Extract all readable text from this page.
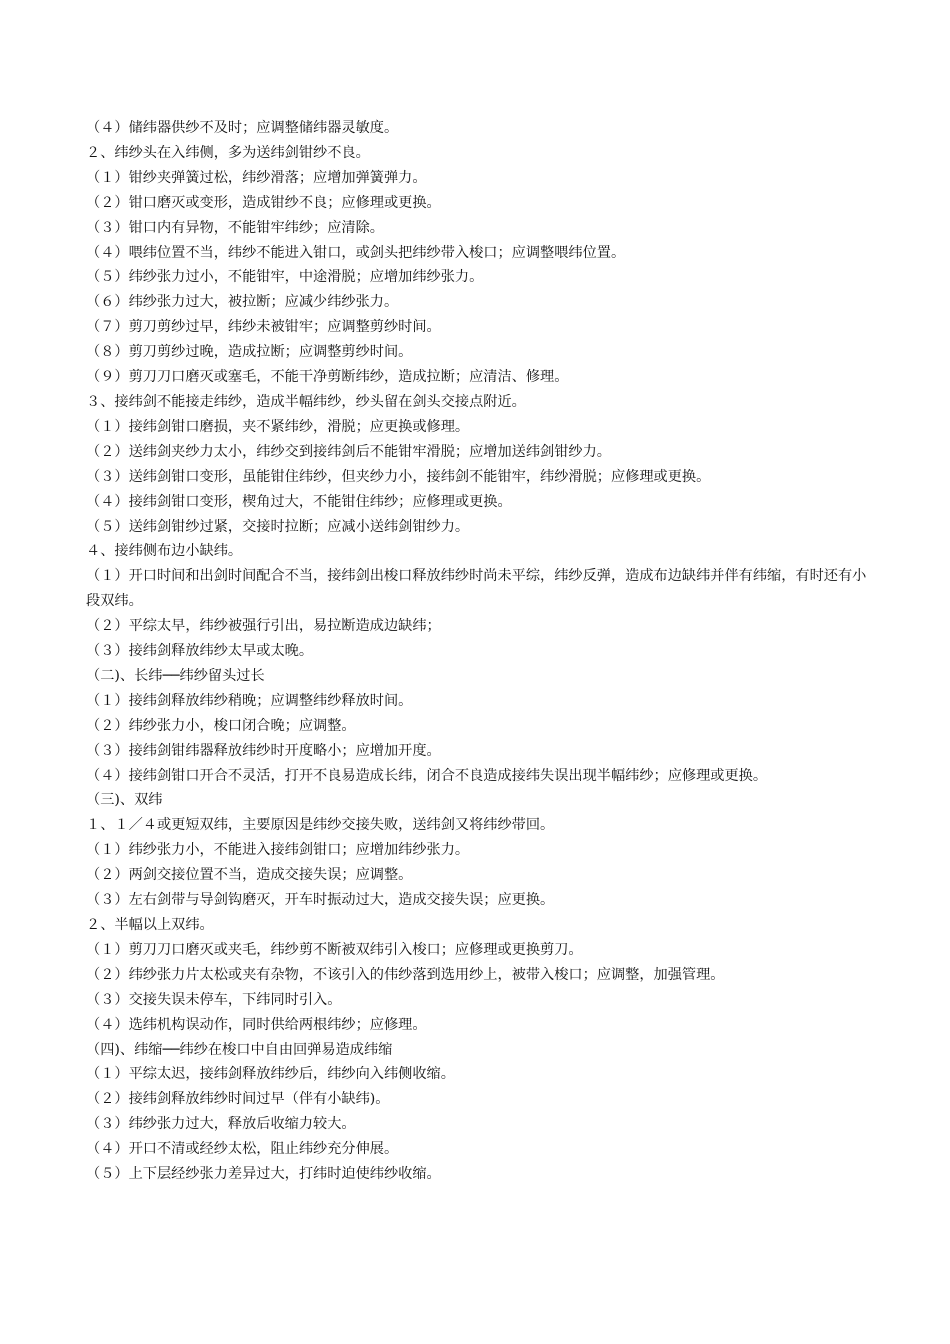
（４）储纬器供纱不及时；应调整储纬器灵敏度。

２、纬纱头在入纬侧，多为送纬剑钳纱不良。

（１）钳纱夹弹簧过松，纬纱滑落；应增加弹簧弹力。

（２）钳口磨灭或变形，造成钳纱不良；应修理或更换。

（３）钳口内有异物，不能钳牢纬纱；应清除。

（４）喂纬位置不当，纬纱不能进入钳口，或剑头把纬纱带入梭口；应调整喂纬位置。

（５）纬纱张力过小，不能钳牢，中途滑脱；应增加纬纱张力。

（６）纬纱张力过大，被拉断；应减少纬纱张力。

（７）剪刀剪纱过早，纬纱未被钳牢；应调整剪纱时间。

（８）剪刀剪纱过晚，造成拉断；应调整剪纱时间。

（９）剪刀刀口磨灭或塞毛，不能干净剪断纬纱，造成拉断；应清洁、修理。

３、接纬剑不能接走纬纱，造成半幅纬纱，纱头留在剑头交接点附近。

（１）接纬剑钳口磨损，夹不紧纬纱，滑脱；应更换或修理。

（２）送纬剑夹纱力太小，纬纱交到接纬剑后不能钳牢滑脱；应增加送纬剑钳纱力。

（３）送纬剑钳口变形，虽能钳住纬纱，但夹纱力小，接纬剑不能钳牢，纬纱滑脱；应修理或更换。

（４）接纬剑钳口变形，楔角过大，不能钳住纬纱；应修理或更换。

（５）送纬剑钳纱过紧，交接时拉断；应减小送纬剑钳纱力。

４、接纬侧布边小缺纬。

（１）开口时间和出剑时间配合不当，接纬剑出梭口释放纬纱时尚未平综，纬纱反弹，造成布边缺纬并伴有纬缩，有时还有小段双纬。

（２）平综太早，纬纱被强行引出，易拉断造成边缺纬；

（３）接纬剑释放纬纱太早或太晚。

（二)、长纬──纬纱留头过长

（１）接纬剑释放纬纱稍晚；应调整纬纱释放时间。

（２）纬纱张力小，梭口闭合晚；应调整。

（３）接纬剑钳纬器释放纬纱时开度略小；应增加开度。

（４）接纬剑钳口开合不灵活，打开不良易造成长纬，闭合不良造成接纬失误出现半幅纬纱；应修理或更换。

（三)、双纬

１、１／４或更短双纬，主要原因是纬纱交接失败，送纬剑又将纬纱带回。

（１）纬纱张力小，不能进入接纬剑钳口；应增加纬纱张力。

（２）两剑交接位置不当，造成交接失误；应调整。

（３）左右剑带与导剑钩磨灭，开车时振动过大，造成交接失误；应更换。

２、半幅以上双纬。

（１）剪刀刀口磨灭或夹毛，纬纱剪不断被双纬引入梭口；应修理或更换剪刀。

（２）纬纱张力片太松或夹有杂物，不该引入的伟纱落到选用纱上，被带入梭口；应调整，加强管理。

（３）交接失误未停车，下纬同时引入。

（４）选纬机构误动作，同时供给两根纬纱；应修理。

（四)、纬缩──纬纱在梭口中自由回弹易造成纬缩

（１）平综太迟，接纬剑释放纬纱后，纬纱向入纬侧收缩。

（２）接纬剑释放纬纱时间过早（伴有小缺纬)。

（３）纬纱张力过大，释放后收缩力较大。

（４）开口不清或经纱太松，阻止纬纱充分伸展。

（５）上下层经纱张力差异过大，打纬时迫使纬纱收缩。
